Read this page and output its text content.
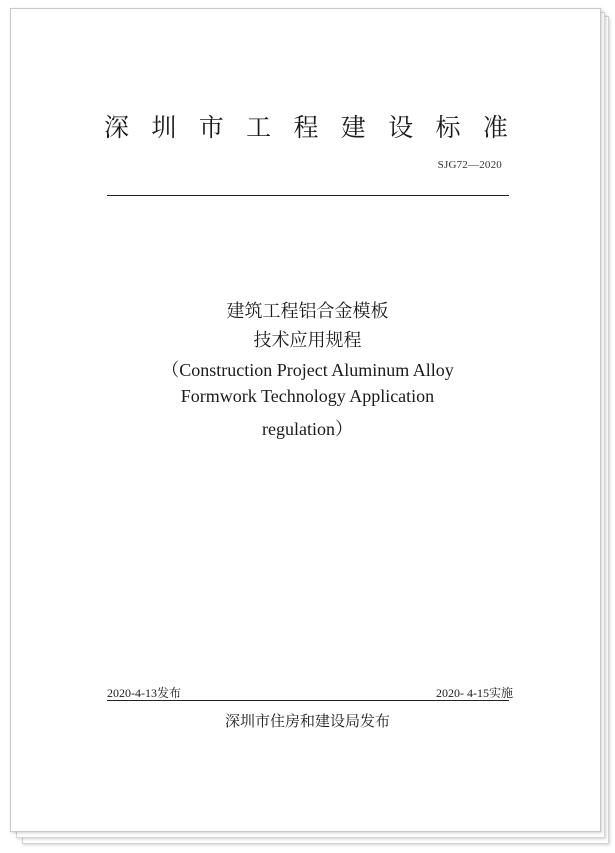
深 圳 市 工 程 建 设 标 准
SJG72—2020
建筑工程铝合金模板
技术应用规程
（Construction Project Aluminum Alloy
Formwork Technology Application
regulation）
2020-4-13发布	2020- 4-15实施
深圳市住房和建设局发布
